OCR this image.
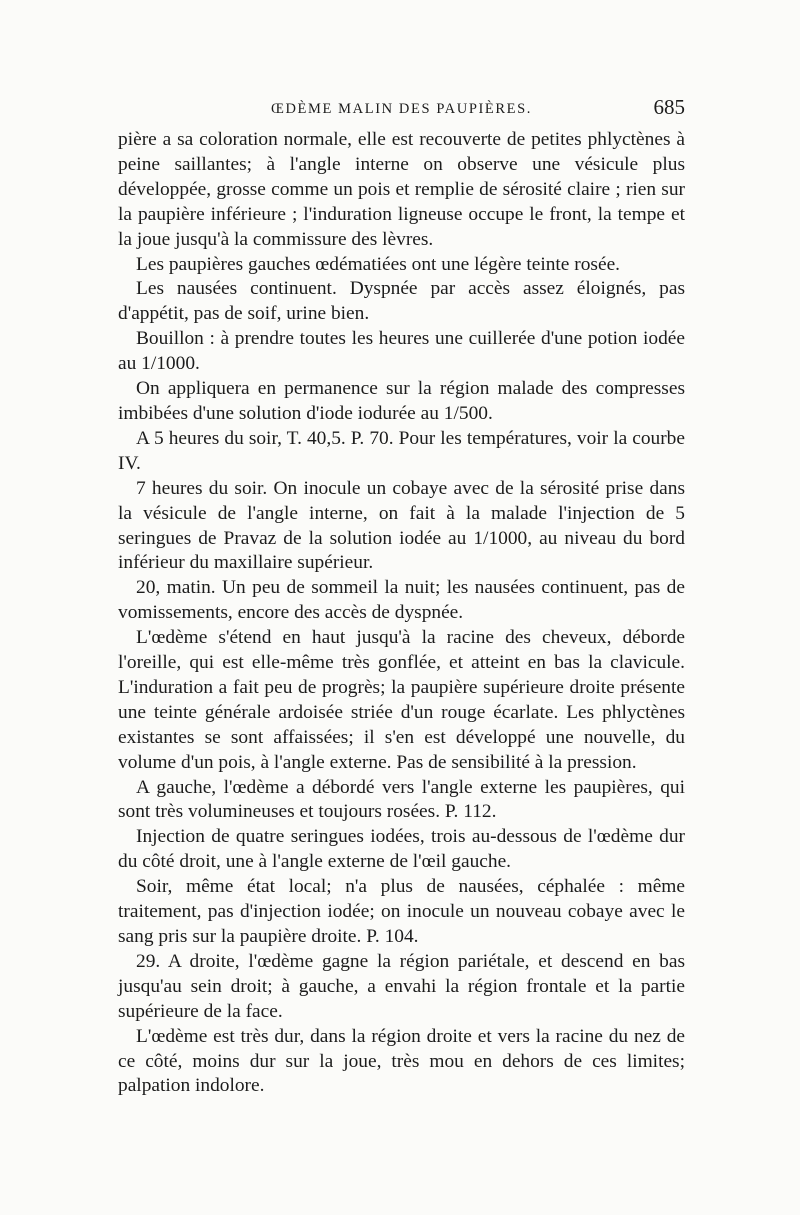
ŒDÈME MALIN DES PAUPIÈRES.	685

pière a sa coloration normale, elle est recouverte de petites phlyctènes à peine saillantes; à l'angle interne on observe une vésicule plus développée, grosse comme un pois et remplie de sérosité claire ; rien sur la paupière inférieure ; l'induration ligneuse occupe le front, la tempe et la joue jusqu'à la commissure des lèvres.

Les paupières gauches œdématiées ont une légère teinte rosée.

Les nausées continuent. Dyspnée par accès assez éloignés, pas d'appétit, pas de soif, urine bien.

Bouillon : à prendre toutes les heures une cuillerée d'une potion iodée au 1/1000.

On appliquera en permanence sur la région malade des compresses imbibées d'une solution d'iode iodurée au 1/500.

A 5 heures du soir, T. 40,5. P. 70. Pour les températures, voir la courbe IV.

7 heures du soir. On inocule un cobaye avec de la sérosité prise dans la vésicule de l'angle interne, on fait à la malade l'injection de 5 seringues de Pravaz de la solution iodée au 1/1000, au niveau du bord inférieur du maxillaire supérieur.

20, matin. Un peu de sommeil la nuit; les nausées continuent, pas de vomissements, encore des accès de dyspnée.

L'œdème s'étend en haut jusqu'à la racine des cheveux, déborde l'oreille, qui est elle-même très gonflée, et atteint en bas la clavicule. L'induration a fait peu de progrès; la paupière supérieure droite présente une teinte générale ardoisée striée d'un rouge écarlate. Les phlyctènes existantes se sont affaissées; il s'en est développé une nouvelle, du volume d'un pois, à l'angle externe. Pas de sensibilité à la pression.

A gauche, l'œdème a débordé vers l'angle externe les paupières, qui sont très volumineuses et toujours rosées. P. 112.

Injection de quatre seringues iodées, trois au-dessous de l'œdème dur du côté droit, une à l'angle externe de l'œil gauche.

Soir, même état local; n'a plus de nausées, céphalée : même traitement, pas d'injection iodée; on inocule un nouveau cobaye avec le sang pris sur la paupière droite. P. 104.

29. A droite, l'œdème gagne la région pariétale, et descend en bas jusqu'au sein droit; à gauche, a envahi la région frontale et la partie supérieure de la face.

L'œdème est très dur, dans la région droite et vers la racine du nez de ce côté, moins dur sur la joue, très mou en dehors de ces limites; palpation indolore.
